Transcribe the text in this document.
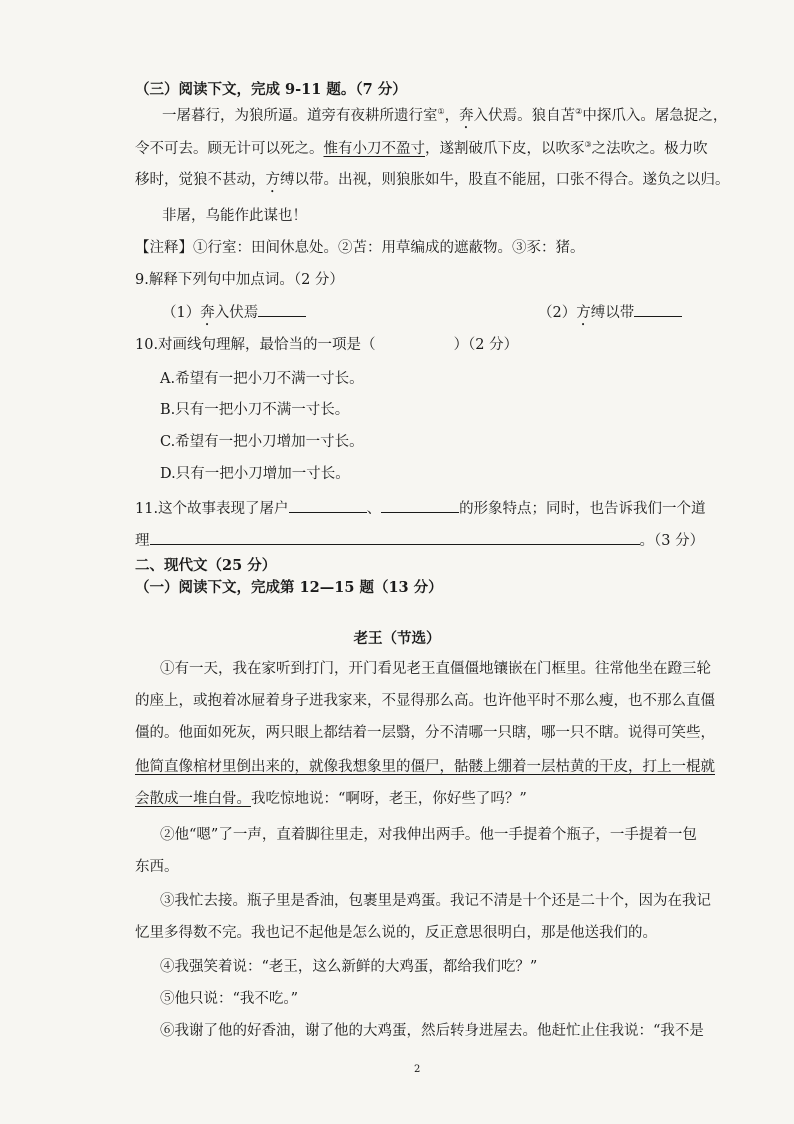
（三）阅读下文，完成 9-11 题。（7 分）
一屠暮行，为狼所逼。道旁有夜耕所遗行室①，奔入伏焉。狼自苫②中探爪入。屠急捉之，
令不可去。顾无计可以死之。惟有小刀不盈寸，遂割破爪下皮，以吹豕③之法吹之。极力吹
移时，觉狼不甚动，方缚以带。出视，则狼胀如牛，股直不能屈，口张不得合。遂负之以归。
非屠，乌能作此谋也！
【注释】①行室：田间休息处。②苫：用草编成的遮蔽物。③豕：猪。
9.解释下列句中加点词。（2 分）
（1）奔入伏焉	（2）方缚以带
10.对画线句理解，最恰当的一项是（	）（2 分）
A.希望有一把小刀不满一寸长。
B.只有一把小刀不满一寸长。
C.希望有一把小刀增加一寸长。
D.只有一把小刀增加一寸长。
11.这个故事表现了屠户	、	的形象特点；同时，也告诉我们一个道
理	。（3 分）
二、现代文（25 分）
（一）阅读下文，完成第 12—15 题（13 分）
老王（节选）
①有一天，我在家听到打门，开门看见老王直僵僵地镶嵌在门框里。往常他坐在蹬三轮
的座上，或抱着冰屉着身子进我家来，不显得那么高。也许他平时不那么瘦，也不那么直僵
僵的。他面如死灰，两只眼上都结着一层翳，分不清哪一只瞎，哪一只不瞎。说得可笑些，
他简直像棺材里倒出来的，就像我想象里的僵尸，骷髅上绷着一层枯黄的干皮，打上一棍就
会散成一堆白骨。我吃惊地说：“啊呀，老王，你好些了吗？”
②他“嗯”了一声，直着脚往里走，对我伸出两手。他一手提着个瓶子，一手提着一包
东西。
③我忙去接。瓶子里是香油，包裹里是鸡蛋。我记不清是十个还是二十个，因为在我记
忆里多得数不完。我也记不起他是怎么说的，反正意思很明白，那是他送我们的。
④我强笑着说：“老王，这么新鲜的大鸡蛋，都给我们吃？”
⑤他只说：“我不吃。”
⑥我谢了他的好香油，谢了他的大鸡蛋，然后转身进屋去。他赶忙止住我说：“我不是
2
